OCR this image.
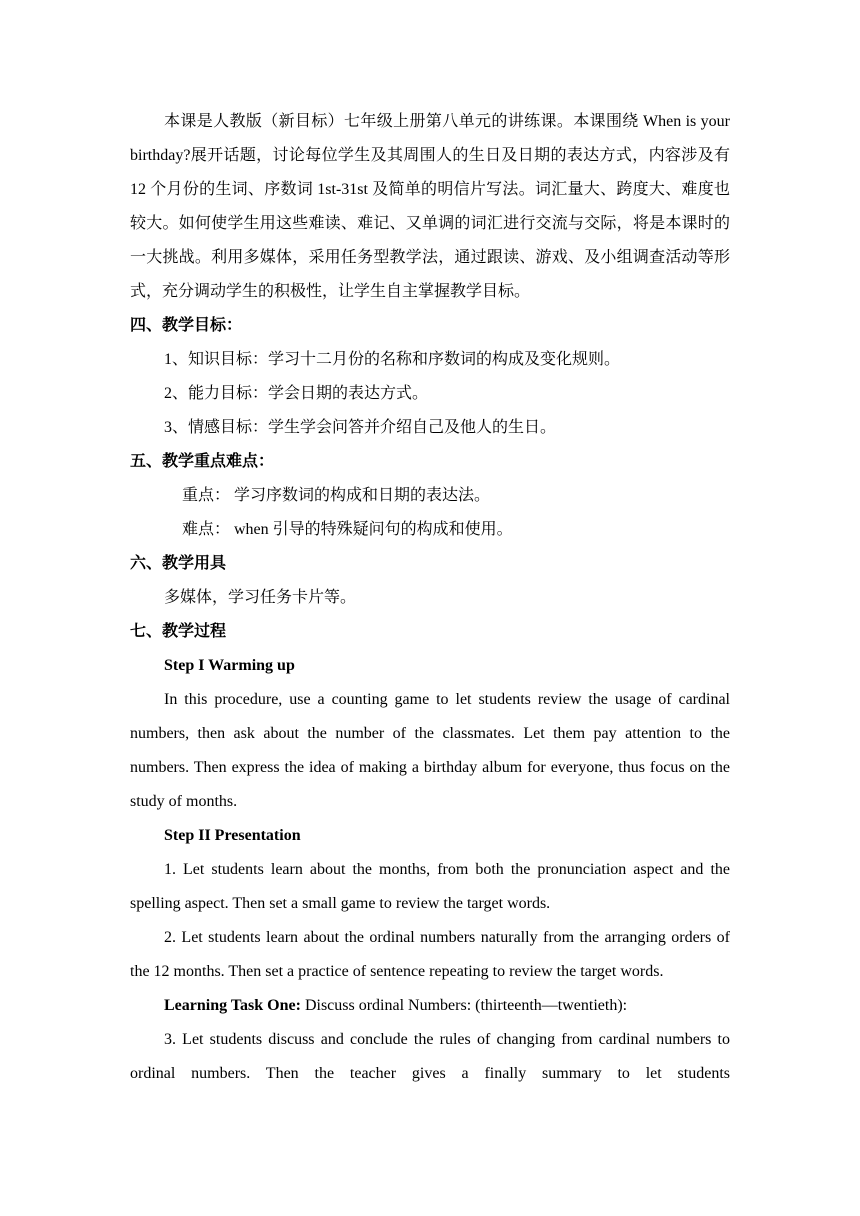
本课是人教版（新目标）七年级上册第八单元的讲练课。本课围绕 When is your birthday?展开话题，讨论每位学生及其周围人的生日及日期的表达方式，内容涉及有 12 个月份的生词、序数词 1st-31st 及简单的明信片写法。词汇量大、跨度大、难度也较大。如何使学生用这些难读、难记、又单调的词汇进行交流与交际，将是本课时的一大挑战。利用多媒体，采用任务型教学法，通过跟读、游戏、及小组调查活动等形式，充分调动学生的积极性，让学生自主掌握教学目标。

四、教学目标：

1、知识目标：学习十二月份的名称和序数词的构成及变化规则。

2、能力目标：学会日期的表达方式。

3、情感目标：学生学会问答并介绍自己及他人的生日。

五、教学重点难点：

重点： 学习序数词的构成和日期的表达法。

难点： when 引导的特殊疑问句的构成和使用。

六、教学用具

多媒体，学习任务卡片等。

七、教学过程

Step I Warming up

In this procedure, use a counting game to let students review the usage of cardinal numbers, then ask about the number of the classmates. Let them pay attention to the numbers. Then express the idea of making a birthday album for everyone, thus focus on the study of months.

Step II Presentation

1. Let students learn about the months, from both the pronunciation aspect and the spelling aspect. Then set a small game to review the target words.

2. Let students learn about the ordinal numbers naturally from the arranging orders of the 12 months. Then set a practice of sentence repeating to review the target words.

Learning Task One: Discuss ordinal Numbers: (thirteenth—twentieth):

3. Let students discuss and conclude the rules of changing from cardinal numbers to ordinal numbers. Then the teacher gives a finally summary to let students
